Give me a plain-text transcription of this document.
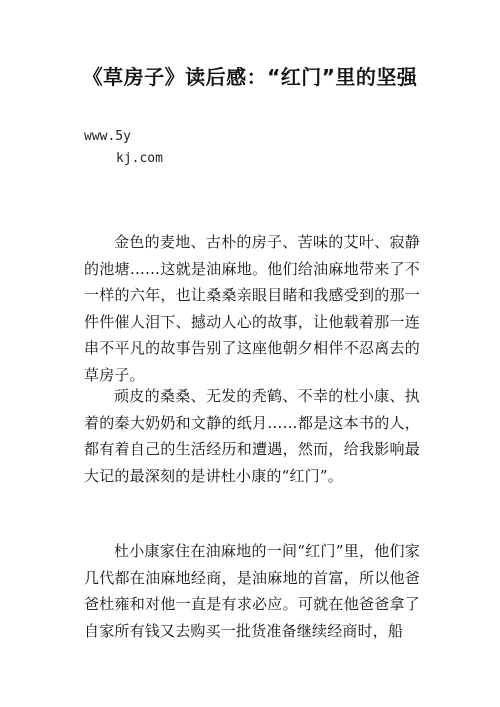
《草房子》读后感：“红门”里的坚强
www.5y
kj.com

金色的麦地、古朴的房子、苦味的艾叶、寂静的池塘……这就是油麻地。他们给油麻地带来了不一样的六年，也让桑桑亲眼目睹和我感受到的那一件件催人泪下、撼动人心的故事，让他载着那一连串不平凡的故事告别了这座他朝夕相伴不忍离去的草房子。

顽皮的桑桑、无发的秃鹤、不幸的杜小康、执着的秦大奶奶和文静的纸月……都是这本书的人，都有着自己的生活经历和遭遇，然而，给我影响最大记的最深刻的是讲杜小康的“红门”。

杜小康家住在油麻地的一间“红门”里，他们家几代都在油麻地经商，是油麻地的首富，所以他爸爸杜雍和对他一直是有求必应。可就在他爸爸拿了自家所有钱又去购买一批货准备继续经商时，船
